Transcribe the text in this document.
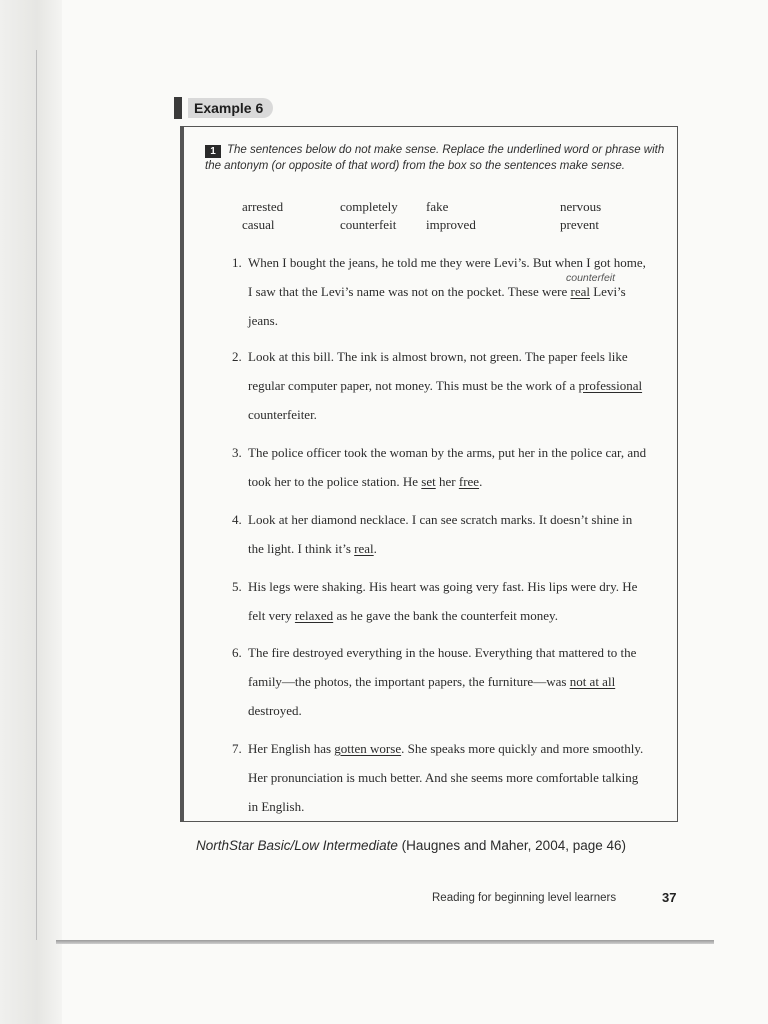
Example 6
1 The sentences below do not make sense. Replace the underlined word or phrase with the antonym (or opposite of that word) from the box so the sentences make sense.
arrested	completely	fake	nervous
casual	counterfeit	improved	prevent
counterfeit
1. When I bought the jeans, he told me they were Levi’s. But when I got home,
I saw that the Levi’s name was not on the pocket. These were real Levi’s
jeans.
2. Look at this bill. The ink is almost brown, not green. The paper feels like
regular computer paper, not money. This must be the work of a professional
counterfeiter.
3. The police officer took the woman by the arms, put her in the police car, and
took her to the police station. He set her free.
4. Look at her diamond necklace. I can see scratch marks. It doesn’t shine in
the light. I think it’s real.
5. His legs were shaking. His heart was going very fast. His lips were dry. He
felt very relaxed as he gave the bank the counterfeit money.
6. The fire destroyed everything in the house. Everything that mattered to the
family—the photos, the important papers, the furniture—was not at all
destroyed.
7. Her English has gotten worse. She speaks more quickly and more smoothly.
Her pronunciation is much better. And she seems more comfortable talking
in English.
NorthStar Basic/Low Intermediate (Haugnes and Maher, 2004, page 46)
Reading for beginning level learners	37
